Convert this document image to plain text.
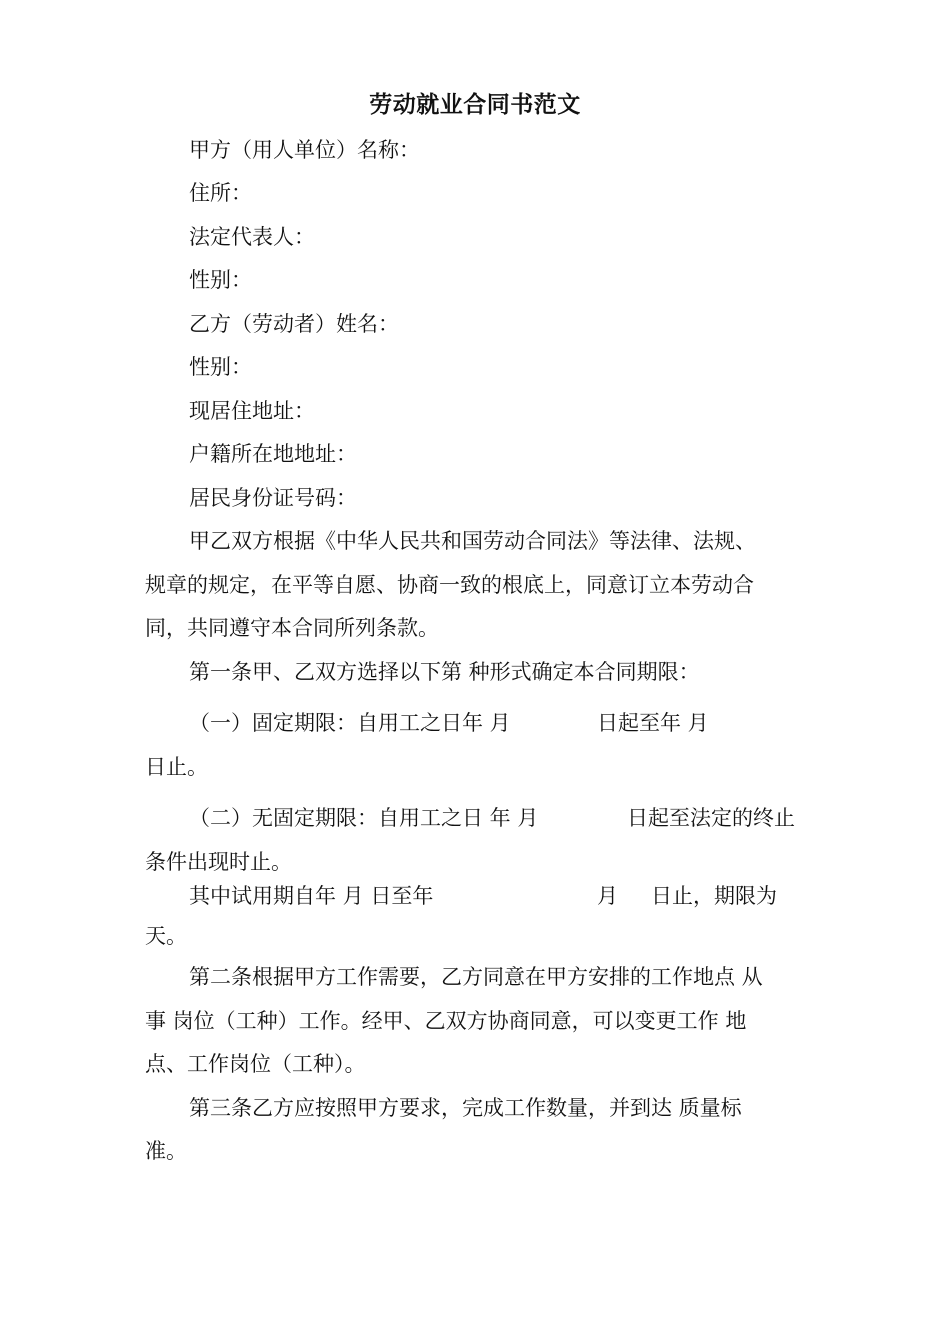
劳动就业合同书范文
甲方（用人单位）名称：
住所：
法定代表人：
性别：
乙方（劳动者）姓名：
性别：
现居住地址：
户籍所在地地址：
居民身份证号码：
甲乙双方根据《中华人民共和国劳动合同法》等法律、法规、
规章的规定，在平等自愿、协商一致的根底上，同意订立本劳动合
同，共同遵守本合同所列条款。
第一条甲、乙双方选择以下第 种形式确定本合同期限：
（一）固定期限：自用工之日年 月	日起至年 月
日止。
（二）无固定期限：自用工之日 年 月	日起至法定的终止
条件出现时止。
其中试用期自年 月 日至年	月 日止，期限为
天。
第二条根据甲方工作需要，乙方同意在甲方安排的工作地点 从
事 岗位（工种）工作。经甲、乙双方协商同意，可以变更工作 地
点、工作岗位（工种）。
第三条乙方应按照甲方要求，完成工作数量，并到达 质量标
准。
